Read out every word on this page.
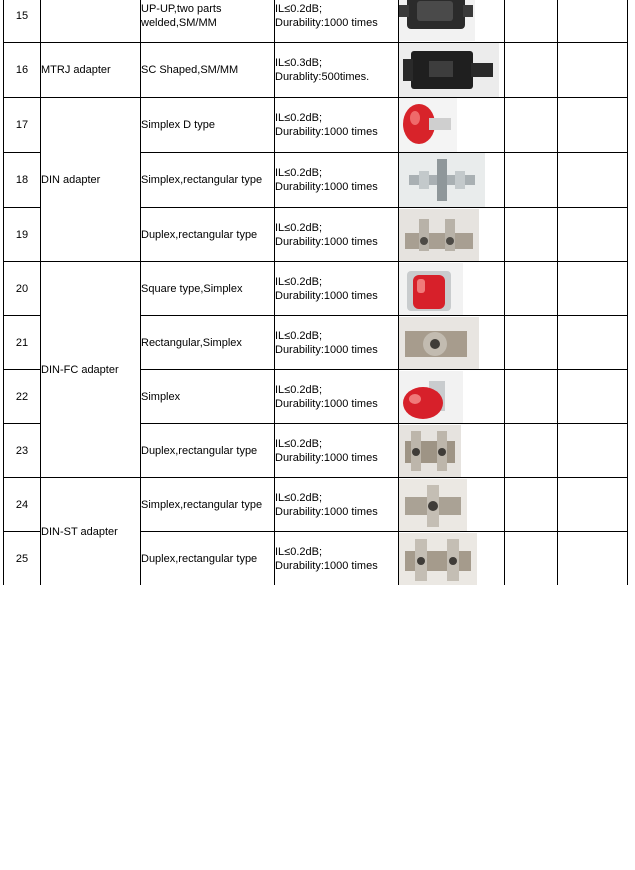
15		UP-UP,two parts welded,SM/MM	IL≤0.2dB;
Durability:1000 times

16	MTRJ adapter	SC Shaped,SM/MM	IL≤0.3dB;
Durablity:500times.

17	DIN adapter	Simplex D type	IL≤0.2dB;
Durability:1000 times

18		Simplex,rectangular type	IL≤0.2dB;
Durability:1000 times

19		Duplex,rectangular type	IL≤0.2dB;
Durability:1000 times

20	DIN-FC adapter	Square type,Simplex	IL≤0.2dB;
Durability:1000 times

21		Rectangular,Simplex	IL≤0.2dB;
Durability:1000 times

22		Simplex	IL≤0.2dB;
Durability:1000 times

23		Duplex,rectangular type	IL≤0.2dB;
Durability:1000 times

24	DIN-ST adapter	Simplex,rectangular type	IL≤0.2dB;
Durability:1000 times

25		Duplex,rectangular type	IL≤0.2dB;
Durability:1000 times
